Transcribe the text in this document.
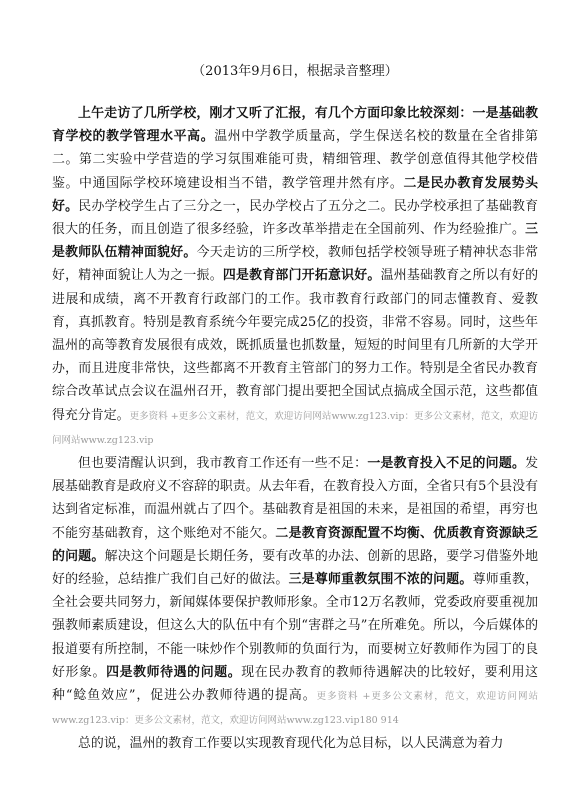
（2013年9月6日，根据录音整理）

上午走访了几所学校，刚才又听了汇报，有几个方面印象比较深刻：一是基础教育学校的教学管理水平高。温州中学教学质量高，学生保送名校的数量在全省排第二。第二实验中学营造的学习氛围难能可贵，精细管理、教学创意值得其他学校借鉴。中通国际学校环境建设相当不错，教学管理井然有序。二是民办教育发展势头好。民办学校学生占了三分之一，民办学校占了五分之二。民办学校承担了基础教育很大的任务，而且创造了很多经验，许多改革举措走在全国前列、作为经验推广。三是教师队伍精神面貌好。今天走访的三所学校，教师包括学校领导班子精神状态非常好，精神面貌让人为之一振。四是教育部门开拓意识好。温州基础教育之所以有好的进展和成绩，离不开教育行政部门的工作。我市教育行政部门的同志懂教育、爱教育，真抓教育。特别是教育系统今年要完成25亿的投资，非常不容易。同时，这些年温州的高等教育发展很有成效，既抓质量也抓数量，短短的时间里有几所新的大学开办，而且进度非常快，这些都离不开教育主管部门的努力工作。特别是全省民办教育综合改革试点会议在温州召开，教育部门提出要把全国试点搞成全国示范，这些都值得充分肯定。更多资料 +更多公文素材，范文，欢迎访问网站www.zg123.vip：更多公文素材，范文，欢迎访问网站www.zg123.vip

但也要清醒认识到，我市教育工作还有一些不足：一是教育投入不足的问题。发展基础教育是政府义不容辞的职责。从去年看，在教育投入方面，全省只有5个县没有达到省定标准，而温州就占了四个。基础教育是祖国的未来，是祖国的希望，再穷也不能穷基础教育，这个账绝对不能欠。二是教育资源配置不均衡、优质教育资源缺乏的问题。解决这个问题是长期任务，要有改革的办法、创新的思路，要学习借鉴外地好的经验，总结推广我们自己好的做法。三是尊师重教氛围不浓的问题。尊师重教，全社会要共同努力，新闻媒体要保护教师形象。全市12万名教师，党委政府要重视加强教师素质建设，但这么大的队伍中有个别“害群之马”在所难免。所以，今后媒体的报道要有所控制，不能一味炒作个别教师的负面行为，而要树立好教师作为园丁的良好形象。四是教师待遇的问题。现在民办教育的教师待遇解决的比较好，要利用这种“鲶鱼效应”，促进公办教师待遇的提高。更多资料 +更多公文素材，范文，欢迎访问网站www.zg123.vip：更多公文素材，范文，欢迎访问网站www.zg123.vip180 914

总的说，温州的教育工作要以实现教育现代化为总目标，以人民满意为着力
